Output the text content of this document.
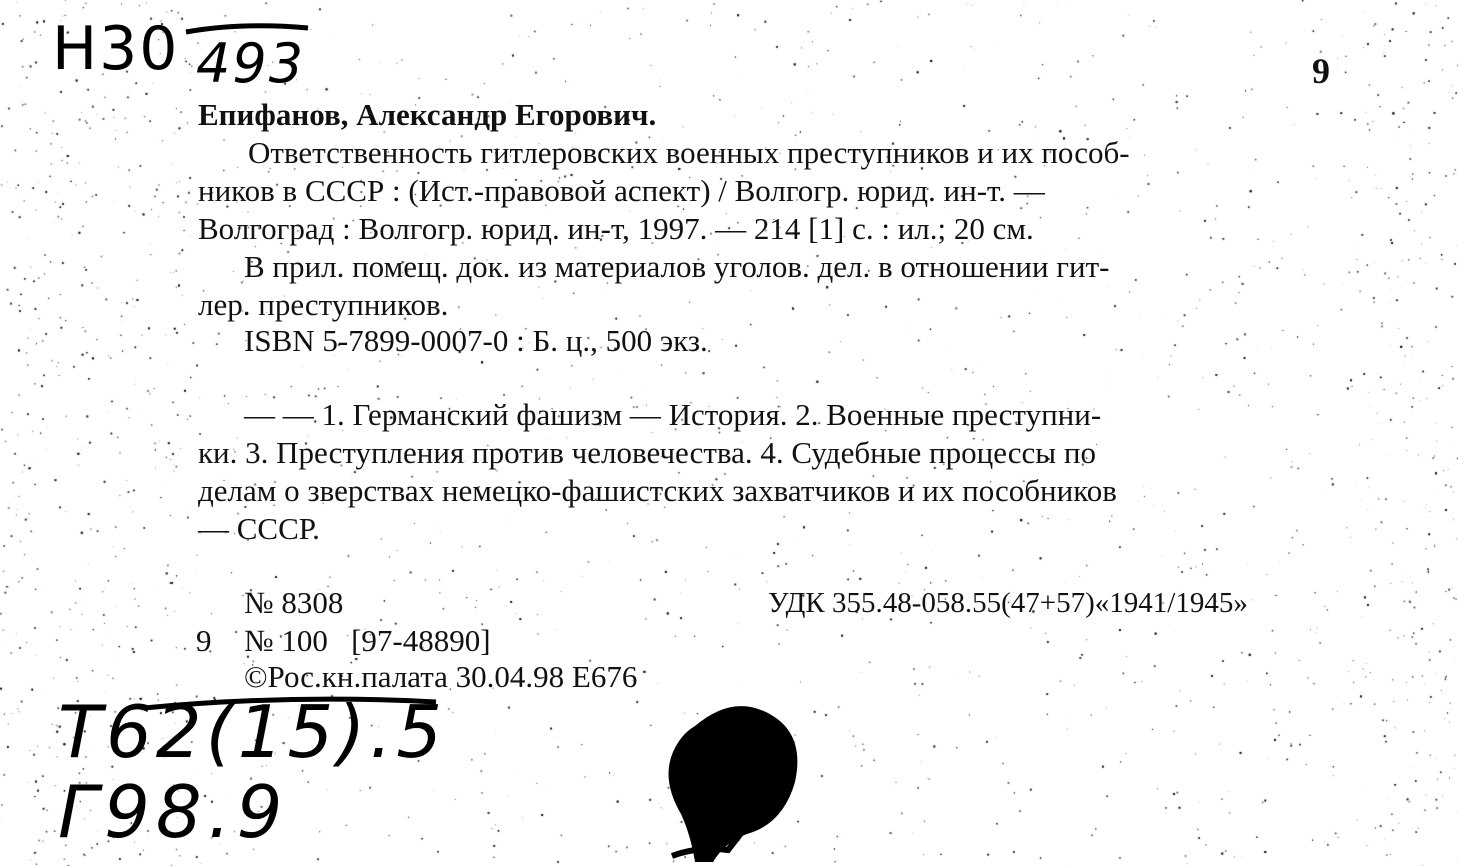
Н30 493
Т62(15).5
Г98.9
9
Епифанов, Александр Егорович.
Ответственность гитлеровских военных преступников и их пособ-
ников в СССР : (Ист.-правовой аспект) / Волгогр. юрид. ин-т. —
Волгоград : Волгогр. юрид. ин-т, 1997. — 214 [1] с. : ил.; 20 см.
В прил. помещ. док. из материалов уголов. дел. в отношении гит-
лер. преступников.
ISBN 5-7899-0007-0 : Б. ц., 500 экз.
— — 1. Германский фашизм — История. 2. Военные преступни-
ки. 3. Преступления против человечества. 4. Судебные процессы по
делам о зверствах немецко-фашистских захватчиков и их пособников
— СССР.
№ 8308	УДК 355.48-058.55(47+57)«1941/1945»
9 № 100   [97-48890]
©Рос.кн.палата 30.04.98 Е676
